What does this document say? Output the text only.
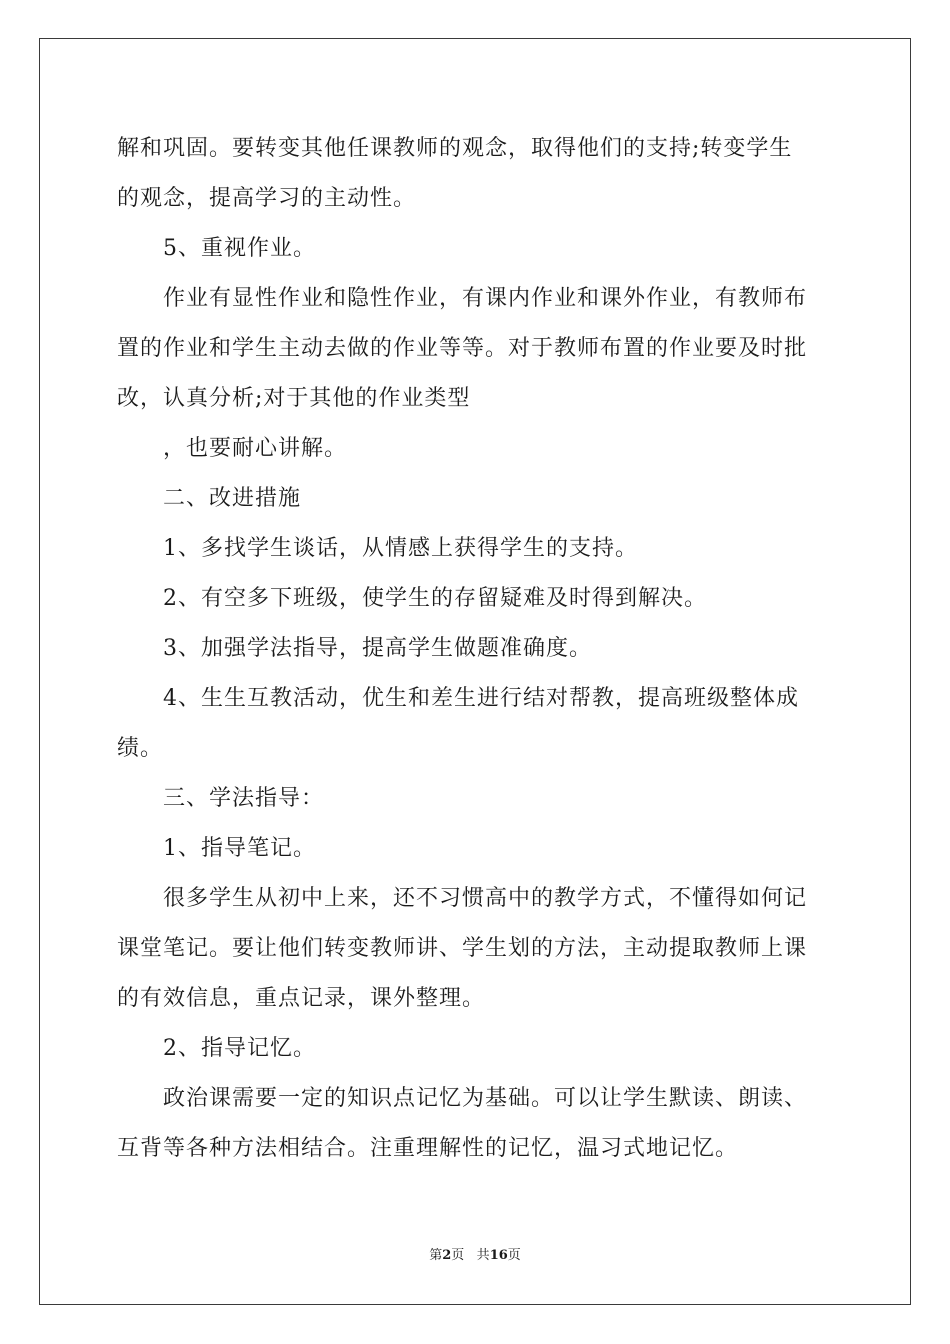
解和巩固。要转变其他任课教师的观念，取得他们的支持;转变学生
的观念，提高学习的主动性。
5、重视作业。
作业有显性作业和隐性作业，有课内作业和课外作业，有教师布
置的作业和学生主动去做的作业等等。对于教师布置的作业要及时批
改，认真分析;对于其他的作业类型
，也要耐心讲解。
二、改进措施
1、多找学生谈话，从情感上获得学生的支持。
2、有空多下班级，使学生的存留疑难及时得到解决。
3、加强学法指导，提高学生做题准确度。
4、生生互教活动，优生和差生进行结对帮教，提高班级整体成
绩。
三、学法指导：
1、指导笔记。
很多学生从初中上来，还不习惯高中的教学方式，不懂得如何记
课堂笔记。要让他们转变教师讲、学生划的方法，主动提取教师上课
的有效信息，重点记录，课外整理。
2、指导记忆。
政治课需要一定的知识点记忆为基础。可以让学生默读、朗读、
互背等各种方法相结合。注重理解性的记忆，温习式地记忆。
第2页 共16页
